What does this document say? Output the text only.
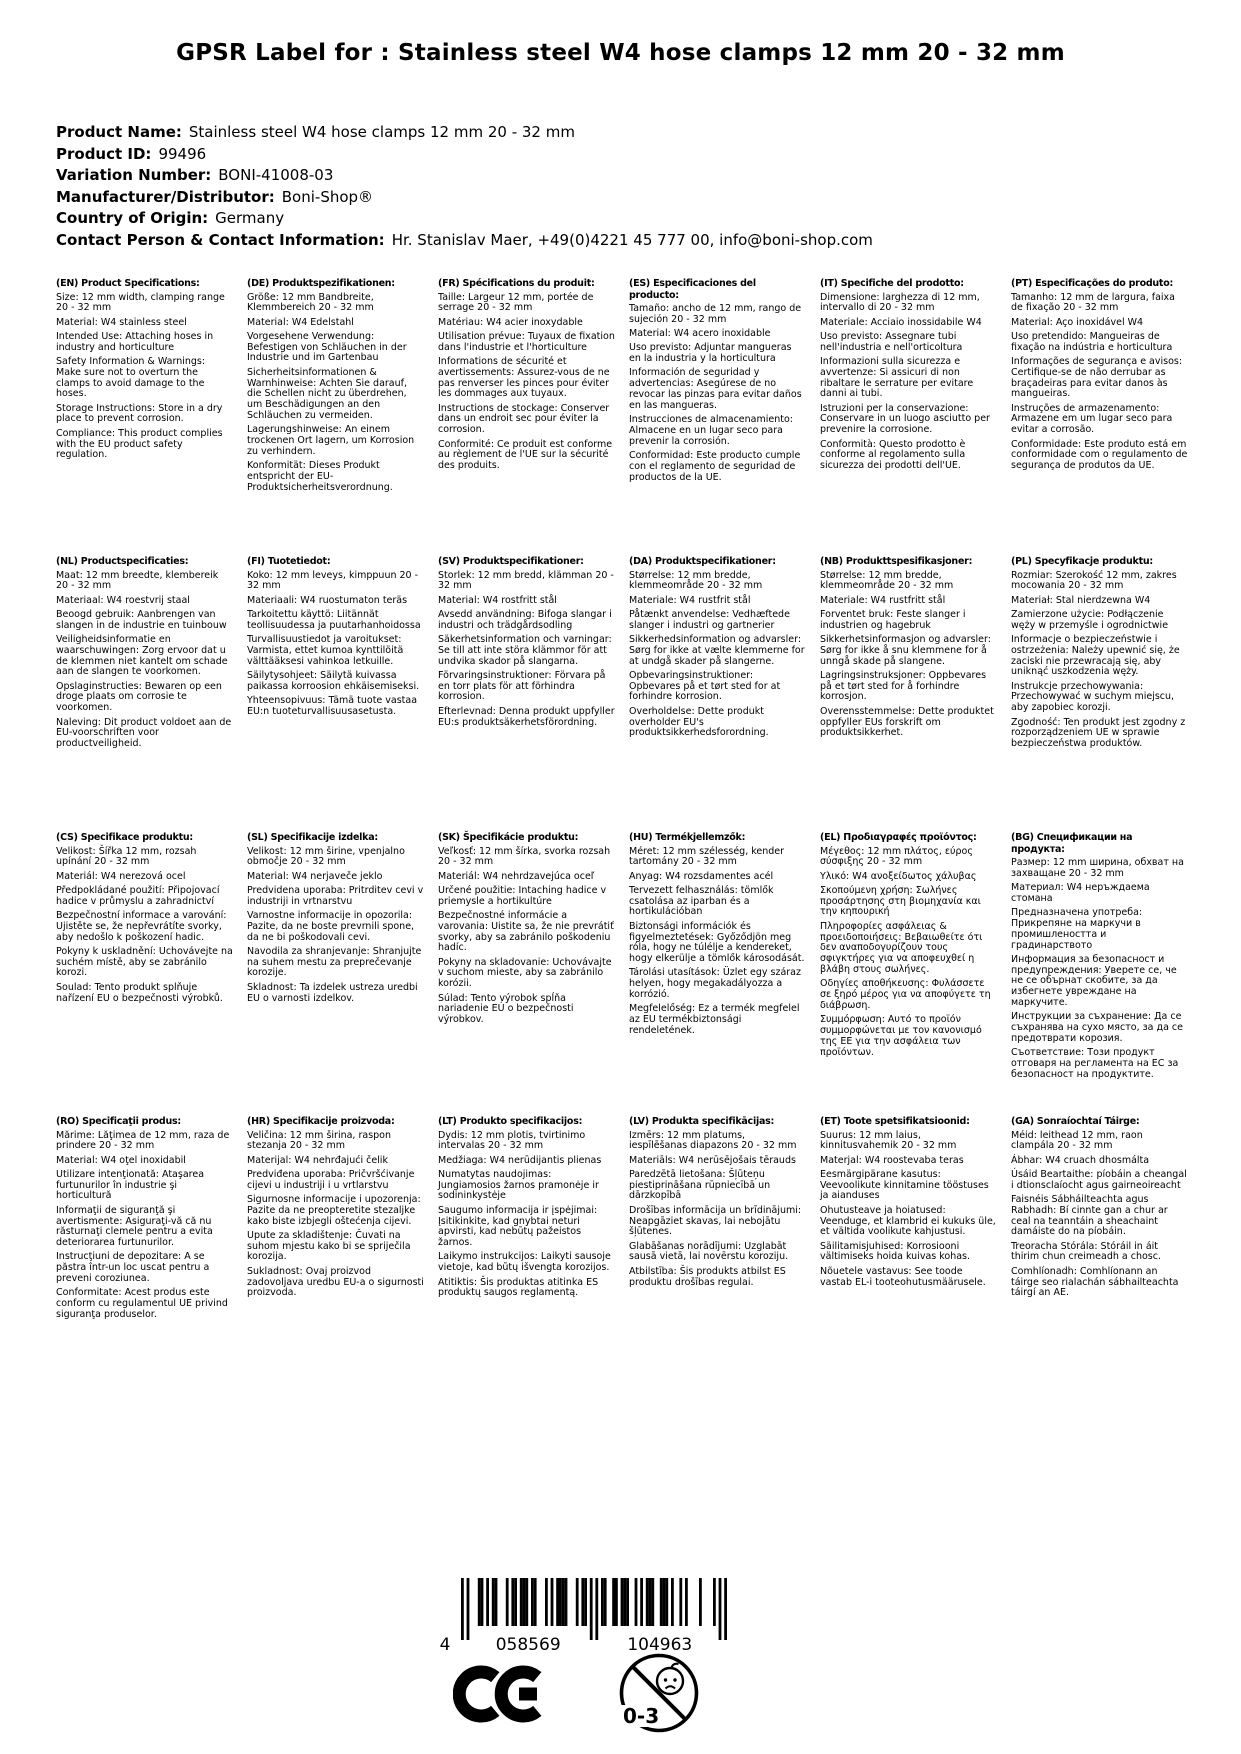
GPSR Label for : Stainless steel W4 hose clamps 12 mm 20 - 32 mm
Product Name: Stainless steel W4 hose clamps 12 mm 20 - 32 mm
Product ID: 99496
Variation Number: BONI-41008-03
Manufacturer/Distributor: Boni-Shop®
Country of Origin: Germany
Contact Person & Contact Information: Hr. Stanislav Maer, +49(0)4221 45 777 00, info@boni-shop.com

(EN) Product Specifications:

Size: 12 mm width, clamping range 20 - 32 mm

Material: W4 stainless steel

Intended Use: Attaching hoses in industry and horticulture

Safety Information & Warnings: Make sure not to overturn the clamps to avoid damage to the hoses.

Storage Instructions: Store in a dry place to prevent corrosion.

Compliance: This product complies with the EU product safety regulation.

(DE) Produktspezifikationen:

Größe: 12 mm Bandbreite, Klemmbereich 20 - 32 mm

Material: W4 Edelstahl

Vorgesehene Verwendung: Befestigen von Schläuchen in der Industrie und im Gartenbau

Sicherheitsinformationen & Warnhinweise: Achten Sie darauf, die Schellen nicht zu überdrehen, um Beschädigungen an den Schläuchen zu vermeiden.

Lagerungshinweise: An einem trockenen Ort lagern, um Korrosion zu verhindern.

Konformität: Dieses Produkt entspricht der EU-Produktsicherheitsverordnung.

(FR) Spécifications du produit:

Taille: Largeur 12 mm, portée de serrage 20 - 32 mm

Matériau: W4 acier inoxydable

Utilisation prévue: Tuyaux de fixation dans l'industrie et l'horticulture

Informations de sécurité et avertissements: Assurez-vous de ne pas renverser les pinces pour éviter les dommages aux tuyaux.

Instructions de stockage: Conserver dans un endroit sec pour éviter la corrosion.

Conformité: Ce produit est conforme au règlement de l'UE sur la sécurité des produits.

(ES) Especificaciones del producto:

Tamaño: ancho de 12 mm, rango de sujeción 20 - 32 mm

Material: W4 acero inoxidable

Uso previsto: Adjuntar mangueras en la industria y la horticultura

Información de seguridad y advertencias: Asegúrese de no revocar las pinzas para evitar daños en las mangueras.

Instrucciones de almacenamiento: Almacene en un lugar seco para prevenir la corrosión.

Conformidad: Este producto cumple con el reglamento de seguridad de productos de la UE.

(IT) Specifiche del prodotto:

Dimensione: larghezza di 12 mm, intervallo di 20 - 32 mm

Materiale: Acciaio inossidabile W4

Uso previsto: Assegnare tubi nell'industria e nell'orticoltura

Informazioni sulla sicurezza e avvertenze: Si assicuri di non ribaltare le serrature per evitare danni ai tubi.

Istruzioni per la conservazione: Conservare in un luogo asciutto per prevenire la corrosione.

Conformità: Questo prodotto è conforme al regolamento sulla sicurezza dei prodotti dell'UE.

(PT) Especificações do produto:

Tamanho: 12 mm de largura, faixa de fixação 20 - 32 mm

Material: Aço inoxidável W4

Uso pretendido: Mangueiras de fixação na indústria e horticultura

Informações de segurança e avisos: Certifique-se de não derrubar as braçadeiras para evitar danos às mangueiras.

Instruções de armazenamento: Armazene em um lugar seco para evitar a corrosão.

Conformidade: Este produto está em conformidade com o regulamento de segurança de produtos da UE.

(NL) Productspecificaties:

Maat: 12 mm breedte, klembereik 20 - 32 mm

Materiaal: W4 roestvrij staal

Beoogd gebruik: Aanbrengen van slangen in de industrie en tuinbouw

Veiligheidsinformatie en waarschuwingen: Zorg ervoor dat u de klemmen niet kantelt om schade aan de slangen te voorkomen.

Opslaginstructies: Bewaren op een droge plaats om corrosie te voorkomen.

Naleving: Dit product voldoet aan de EU-voorschriften voor productveiligheid.

(FI) Tuotetiedot:

Koko: 12 mm leveys, kimppuun 20 - 32 mm

Materiaali: W4 ruostumaton teräs

Tarkoitettu käyttö: Liitännät teollisuudessa ja puutarhanhoidossa

Turvallisuustiedot ja varoitukset: Varmista, ettet kumoa kynttilöitä välttääksesi vahinkoa letkuille.

Säilytysohjeet: Säilytä kuivassa paikassa korroosion ehkäisemiseksi.

Yhteensopivuus: Tämä tuote vastaa EU:n tuoteturvallisuusasetusta.

(SV) Produktspecifikationer:

Storlek: 12 mm bredd, klämman 20 - 32 mm

Material: W4 rostfritt stål

Avsedd användning: Bifoga slangar i industri och trädgårdsodling

Säkerhetsinformation och varningar: Se till att inte störa klämmor för att undvika skador på slangarna.

Förvaringsinstruktioner: Förvara på en torr plats för att förhindra korrosion.

Efterlevnad: Denna produkt uppfyller EU:s produktsäkerhetsförordning.

(DA) Produktspecifikationer:

Størrelse: 12 mm bredde, klemmeområde 20 - 32 mm

Materiale: W4 rustfrit stål

Påtænkt anvendelse: Vedhæftede slanger i industri og gartnerier

Sikkerhedsinformation og advarsler: Sørg for ikke at vælte klemmerne for at undgå skader på slangerne.

Opbevaringsinstruktioner: Opbevares på et tørt sted for at forhindre korrosion.

Overholdelse: Dette produkt overholder EU's produktsikkerhedsforordning.

(NB) Produkttspesifikasjoner:

Størrelse: 12 mm bredde, klemmeområde 20 - 32 mm

Materiale: W4 rustfritt stål

Forventet bruk: Feste slanger i industrien og hagebruk

Sikkerhetsinformasjon og advarsler: Sørg for ikke å snu klemmene for å unngå skade på slangene.

Lagringsinstruksjoner: Oppbevares på et tørt sted for å forhindre korrosjon.

Overensstemmelse: Dette produktet oppfyller EUs forskrift om produktsikkerhet.

(PL) Specyfikacje produktu:

Rozmiar: Szerokość 12 mm, zakres mocowania 20 - 32 mm

Materiał: Stal nierdzewna W4

Zamierzone użycie: Podłączenie węży w przemyśle i ogrodnictwie

Informacje o bezpieczeństwie i ostrzeżenia: Należy upewnić się, że zaciski nie przewracają się, aby uniknąć uszkodzenia węży.

Instrukcje przechowywania: Przechowywać w suchym miejscu, aby zapobiec korozji.

Zgodność: Ten produkt jest zgodny z rozporządzeniem UE w sprawie bezpieczeństwa produktów.

(CS) Specifikace produktu:

Velikost: Šířka 12 mm, rozsah upínání 20 - 32 mm

Materiál: W4 nerezová ocel

Předpokládané použití: Připojovací hadice v průmyslu a zahradnictví

Bezpečnostní informace a varování: Ujistěte se, že nepřevrátíte svorky, aby nedošlo k poškození hadic.

Pokyny k uskladnění: Uchovávejte na suchém místě, aby se zabránilo korozi.

Soulad: Tento produkt splňuje nařízení EU o bezpečnosti výrobků.

(SL) Specifikacije izdelka:

Velikost: 12 mm širine, vpenjalno območje 20 - 32 mm

Material: W4 nerjaveče jeklo

Predvidena uporaba: Pritrditev cevi v industriji in vrtnarstvu

Varnostne informacije in opozorila: Pazite, da ne boste prevrnili spone, da ne bi poškodovali cevi.

Navodila za shranjevanje: Shranjujte na suhem mestu za preprečevanje korozije.

Skladnost: Ta izdelek ustreza uredbi EU o varnosti izdelkov.

(SK) Špecifikácie produktu:

Veľkosť: 12 mm šírka, svorka rozsah 20 - 32 mm

Materiál: W4 nehrdzavejúca oceľ

Určené použitie: Intaching hadice v priemysle a hortikultúre

Bezpečnostné informácie a varovania: Uistite sa, že nie prevrátiť svorky, aby sa zabránilo poškodeniu hadíc.

Pokyny na skladovanie: Uchovávajte v suchom mieste, aby sa zabránilo korózii.

Súlad: Tento výrobok spĺňa nariadenie EÚ o bezpečnosti výrobkov.

(HU) Termékjellemzők:

Méret: 12 mm szélesség, kender tartomány 20 - 32 mm

Anyag: W4 rozsdamentes acél

Tervezett felhasználás: tömlők csatolása az iparban és a hortikulációban

Biztonsági információk és figyelmeztetések: Győződjön meg róla, hogy ne túlélje a kendereket, hogy elkerülje a tömlők károsodását.

Tárolási utasítások: Üzlet egy száraz helyen, hogy megakadályozza a korrózió.

Megfelelőség: Ez a termék megfelel az EU termékbiztonsági rendeletének.

(EL) Προδιαγραφές προϊόντος:

Μέγεθος: 12 mm πλάτος, εύρος σύσφιξης 20 - 32 mm

Υλικό: W4 ανοξείδωτος χάλυβας

Σκοπούμενη χρήση: Σωλήνες προσάρτησης στη βιομηχανία και την κηπουρική

Πληροφορίες ασφάλειας & προειδοποιήσεις: Βεβαιωθείτε ότι δεν αναποδογυρίζουν τους σφιγκτήρες για να αποφευχθεί η βλάβη στους σωλήνες.

Οδηγίες αποθήκευσης: Φυλάσσετε σε ξηρό μέρος για να αποφύγετε τη διάβρωση.

Συμμόρφωση: Αυτό το προϊόν συμμορφώνεται με τον κανονισμό της ΕΕ για την ασφάλεια των προϊόντων.

(BG) Спецификации на продукта:

Размер: 12 mm ширина, обхват на захващане 20 - 32 mm

Материал: W4 неръждаема стомана

Предназначена употреба: Прикрепяне на маркучи в промишлеността и градинарството

Информация за безопасност и предупреждения: Уверете се, че не се обърнат скобите, за да избегнете увреждане на маркучите.

Инструкции за съхранение: Да се съхранява на сухо място, за да се предотврати корозия.

Съответствие: Този продукт отговаря на регламента на ЕС за безопасност на продуктите.

(RO) Specificaţii produs:

Mărime: Lăţimea de 12 mm, raza de prindere 20 - 32 mm

Material: W4 oţel inoxidabil

Utilizare intenţionată: Ataşarea furtunurilor în industrie şi horticultură

Informaţii de siguranţă şi avertismente: Asiguraţi-vă că nu răsturnaţi clemele pentru a evita deteriorarea furtunurilor.

Instrucţiuni de depozitare: A se păstra într-un loc uscat pentru a preveni coroziunea.

Conformitate: Acest produs este conform cu regulamentul UE privind siguranţa produselor.

(HR) Specifikacije proizvoda:

Veličina: 12 mm širina, raspon stezanja 20 - 32 mm

Materijal: W4 nehrđajući čelik

Predviđena uporaba: Pričvršćivanje cijevi u industriji i u vrtlarstvu

Sigurnosne informacije i upozorenja: Pazite da ne preopteretite stezaljke kako biste izbjegli oštećenja cijevi.

Upute za skladištenje: Čuvati na suhom mjestu kako bi se spriječila korozija.

Sukladnost: Ovaj proizvod zadovoljava uredbu EU-a o sigurnosti proizvoda.

(LT) Produkto specifikacijos:

Dydis: 12 mm plotis, tvirtinimo intervalas 20 - 32 mm

Medžiaga: W4 nerūdijantis plienas

Numatytas naudojimas: Jungiamosios žarnos pramonėje ir sodininkystėje

Saugumo informacija ir įspėjimai: Įsitikinkite, kad gnybtai neturi apvirsti, kad nebūtų pažeistos žarnos.

Laikymo instrukcijos: Laikyti sausoje vietoje, kad būtų išvengta korozijos.

Atitiktis: Šis produktas atitinka ES produktų saugos reglamentą.

(LV) Produkta specifikācijas:

Izmērs: 12 mm platums, iespīlēšanas diapazons 20 - 32 mm

Materiāls: W4 nerūsējošais tērauds

Paredzētā lietošana: Šļūteņu piestiprināšana rūpniecībā un dārzkopībā

Drošības informācija un brīdinājumi: Neapgāziet skavas, lai nebojātu šļūtenes.

Glabāšanas norādījumi: Uzglabāt sausā vietā, lai novērstu koroziju.

Atbilstība: Šis produkts atbilst ES produktu drošības regulai.

(ET) Toote spetsifikatsioonid:

Suurus: 12 mm laius, kinnitusvahemik 20 - 32 mm

Materjal: W4 roostevaba teras

Eesmärgipärane kasutus: Veevoolikute kinnitamine tööstuses ja aianduses

Ohutusteave ja hoiatused: Veenduge, et klambrid ei kukuks üle, et vältida voolikute kahjustusi.

Säilitamisjuhised: Korrosiooni vältimiseks hoida kuivas kohas.

Nõuetele vastavus: See toode vastab EL-i tooteohutusmäärusele.

(GA) Sonraíochtaí Táirge:

Méid: leithead 12 mm, raon clampála 20 - 32 mm

Ábhar: W4 cruach dhosmálta

Úsáid Beartaithe: píobáin a cheangal i dtionsclaíocht agus gairneoireacht

Faisnéis Sábháilteachta agus Rabhadh: Bí cinnte gan a chur ar ceal na teanntáin a sheachaint damáiste do na píobáin.

Treoracha Stórála: Stóráil in áit thirim chun creimeadh a chosc.

Comhlíonadh: Comhlíonann an táirge seo rialachán sábhailteachta táirgí an AE.

4	058569	104963
0-3
